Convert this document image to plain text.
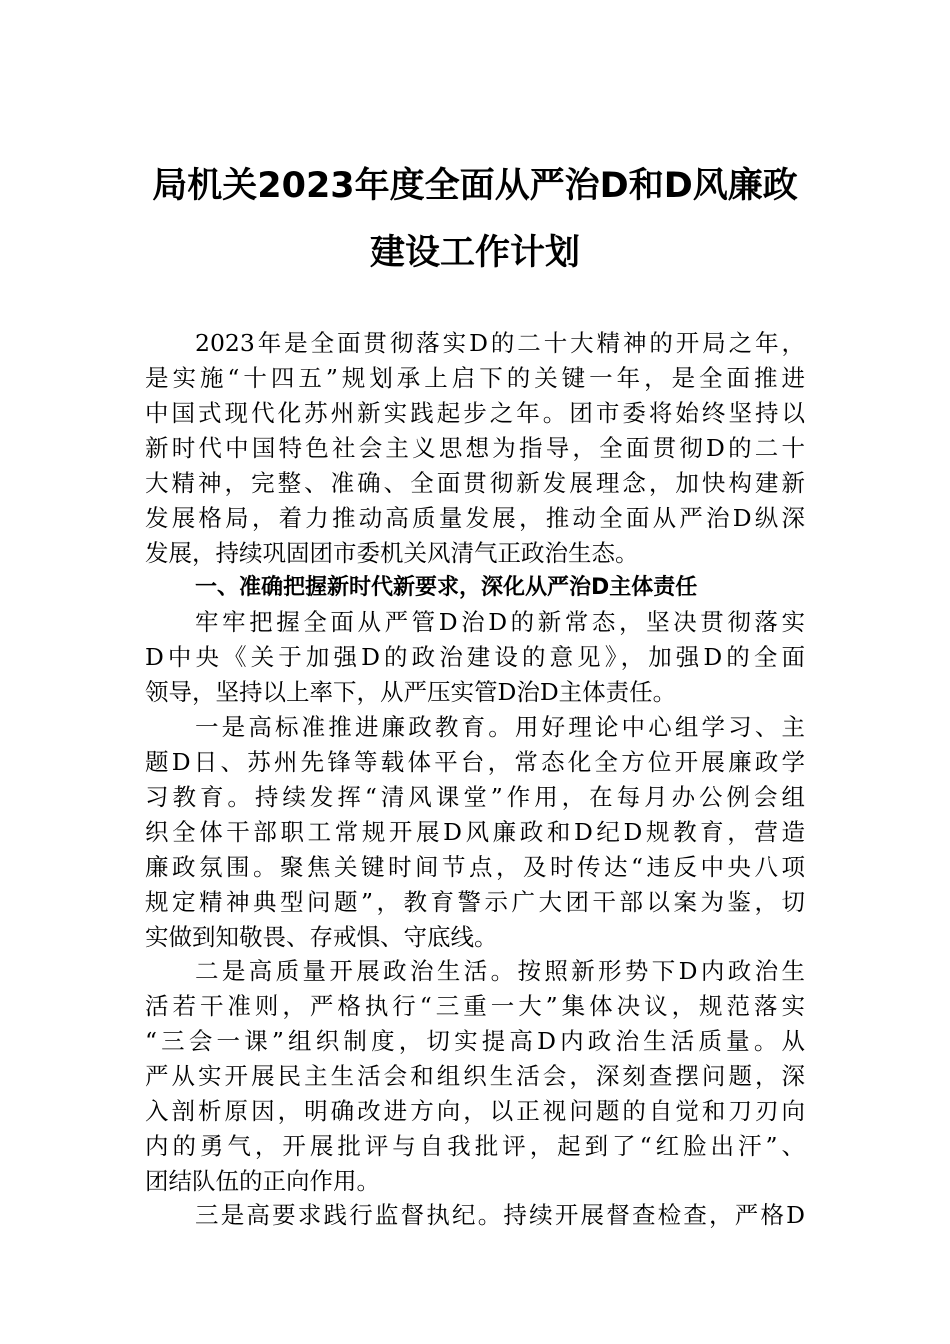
局机关2023年度全面从严治D和D风廉政
建设工作计划
2023年是全面贯彻落实D的二十大精神的开局之年，
是实施“十四五”规划承上启下的关键一年，是全面推进
中国式现代化苏州新实践起步之年。团市委将始终坚持以
新时代中国特色社会主义思想为指导，全面贯彻D的二十
大精神，完整、准确、全面贯彻新发展理念，加快构建新
发展格局，着力推动高质量发展，推动全面从严治D纵深
发展，持续巩固团市委机关风清气正政治生态。
一、准确把握新时代新要求，深化从严治D主体责任
牢牢把握全面从严管D治D的新常态，坚决贯彻落实
D中央《关于加强D的政治建设的意见》，加强D的全面
领导，坚持以上率下，从严压实管D治D主体责任。
一是高标准推进廉政教育。用好理论中心组学习、主
题D日、苏州先锋等载体平台，常态化全方位开展廉政学
习教育。持续发挥“清风课堂”作用，在每月办公例会组
织全体干部职工常规开展D风廉政和D纪D规教育，营造
廉政氛围。聚焦关键时间节点，及时传达“违反中央八项
规定精神典型问题”，教育警示广大团干部以案为鉴，切
实做到知敬畏、存戒惧、守底线。
二是高质量开展政治生活。按照新形势下D内政治生
活若干准则，严格执行“三重一大”集体决议，规范落实
“三会一课”组织制度，切实提高D内政治生活质量。从
严从实开展民主生活会和组织生活会，深刻查摆问题，深
入剖析原因，明确改进方向，以正视问题的自觉和刀刃向
内的勇气，开展批评与自我批评，起到了“红脸出汗”、
团结队伍的正向作用。
三是高要求践行监督执纪。持续开展督查检查，严格D
